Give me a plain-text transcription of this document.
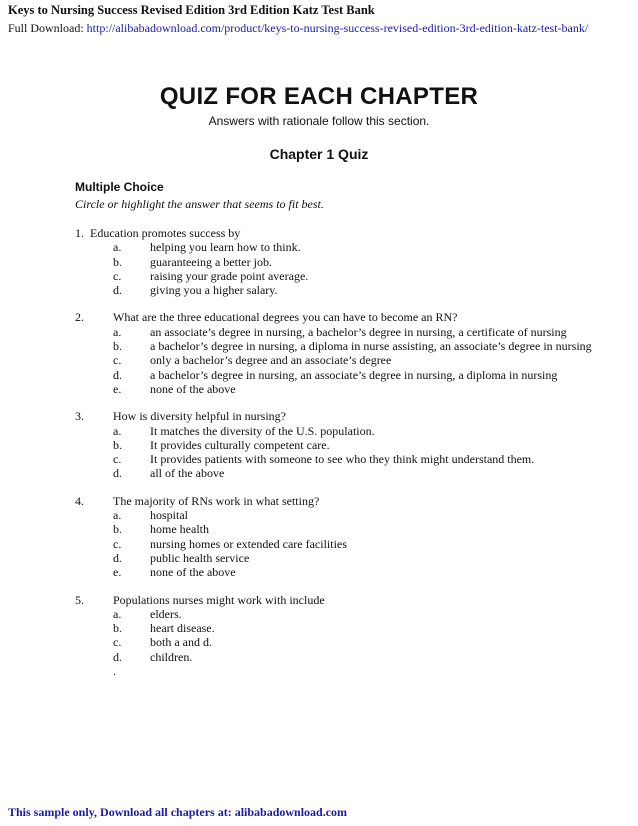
Keys to Nursing Success Revised Edition 3rd Edition Katz Test Bank
Full Download: http://alibabadownload.com/product/keys-to-nursing-success-revised-edition-3rd-edition-katz-test-bank/
QUIZ FOR EACH CHAPTER
Answers with rationale follow this section.
Chapter 1 Quiz
Multiple Choice
Circle or highlight the answer that seems to fit best.
1. Education promotes success by
a. helping you learn how to think.
b. guaranteeing a better job.
c. raising your grade point average.
d. giving you a higher salary.
2. What are the three educational degrees you can have to become an RN?
a. an associate’s degree in nursing, a bachelor’s degree in nursing, a certificate of nursing
b. a bachelor’s degree in nursing, a diploma in nurse assisting, an associate’s degree in nursing
c. only a bachelor’s degree and an associate’s degree
d. a bachelor’s degree in nursing, an associate’s degree in nursing, a diploma in nursing
e. none of the above
3. How is diversity helpful in nursing?
a. It matches the diversity of the U.S. population.
b. It provides culturally competent care.
c. It provides patients with someone to see who they think might understand them.
d. all of the above
4. The majority of RNs work in what setting?
a. hospital
b. home health
c. nursing homes or extended care facilities
d. public health service
e. none of the above
5. Populations nurses might work with include
a. elders.
b. heart disease.
c. both a and d.
d. children.
.
This sample only, Download all chapters at: alibabadownload.com
